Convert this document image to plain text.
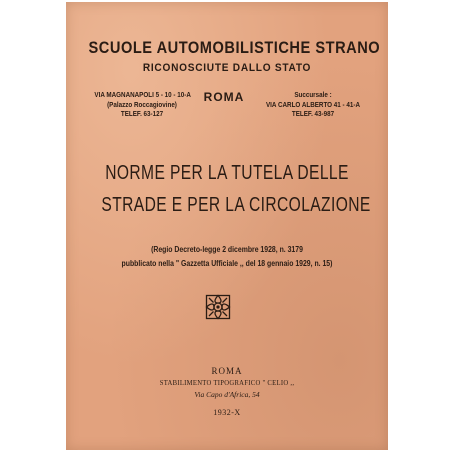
SCUOLE AUTOMOBILISTICHE STRANO
RICONOSCIUTE DALLO STATO
VIA MAGNANAPOLI 5 - 10 - 10-A
(Palazzo Roccagiovine)
TELEF. 63-127
ROMA	Succursale :
VIA CARLO ALBERTO 41 - 41-A
TELEF. 43-987
NORME PER LA TUTELA DELLE
STRADE E PER LA CIRCOLAZIONE
(Regio Decreto-legge 2 dicembre 1928, n. 3179
pubblicato nella " Gazzetta Ufficiale ,, del 18 gennaio 1929, n. 15)
ROMA
STABILIMENTO TIPOGRAFICO " CELIO ,,
Via Capo d'Africa, 54
1932-X
